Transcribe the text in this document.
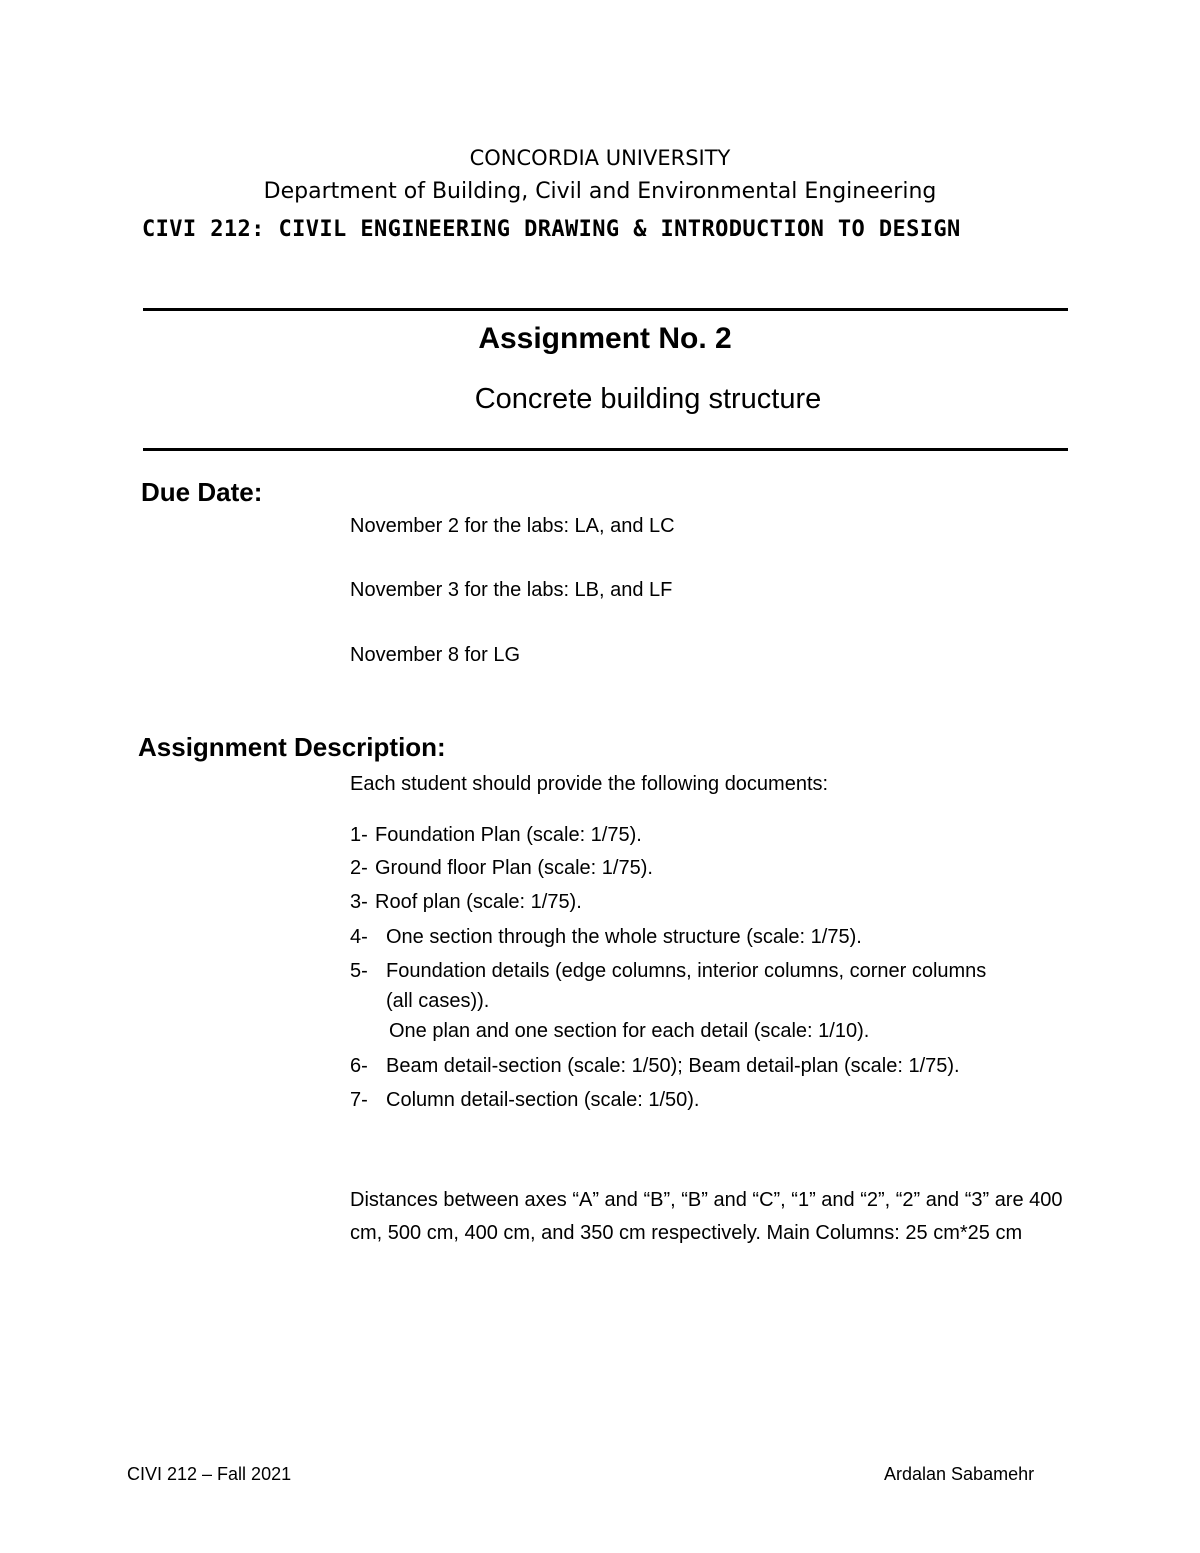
CONCORDIA UNIVERSITY
Department of Building, Civil and Environmental Engineering
CIVI 212: CIVIL ENGINEERING DRAWING & INTRODUCTION TO DESIGN
Assignment No. 2
Concrete building structure
Due Date:
November 2 for the labs: LA, and LC
November 3 for the labs: LB, and LF
November 8 for LG
Assignment Description:
Each student should provide the following documents:
1- Foundation Plan (scale: 1/75).
2- Ground floor Plan (scale: 1/75).
3- Roof plan (scale: 1/75).
4- One section through the whole structure (scale: 1/75).
5- Foundation details (edge columns, interior columns, corner columns
(all cases)).
One plan and one section for each detail (scale: 1/10).
6- Beam detail-section (scale: 1/50); Beam detail-plan (scale: 1/75).
7- Column detail-section (scale: 1/50).
Distances between axes “A” and “B”, “B” and “C”, “1” and “2”, “2” and “3” are 400 cm, 500 cm, 400 cm, and 350 cm respectively. Main Columns: 25 cm*25 cm
CIVI 212 – Fall 2021	Ardalan Sabamehr
